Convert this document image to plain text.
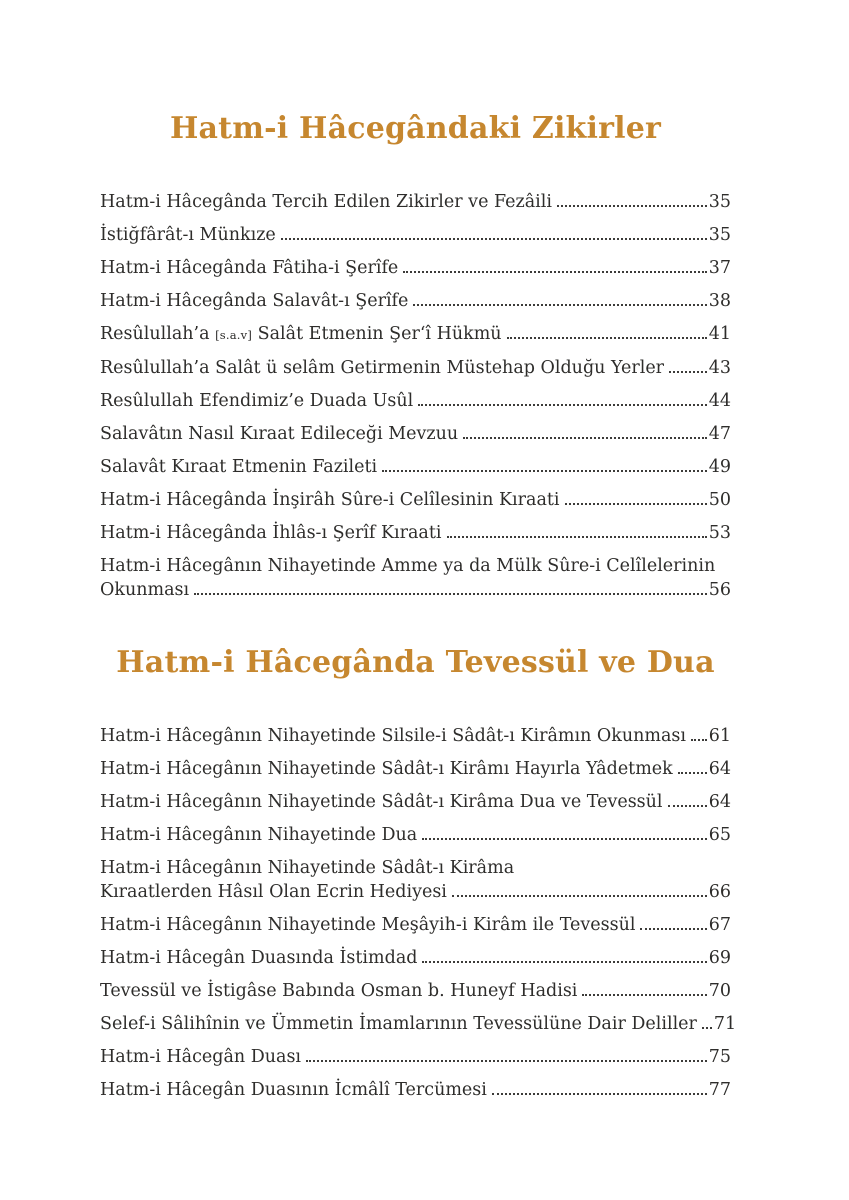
Hatm-i Hâcegândaki Zikirler
Hatm-i Hâcegânda Tercih Edilen Zikirler ve Fezâili	35
İstiğfârât-ı Münkıze	35
Hatm-i Hâcegânda Fâtiha-i Şerîfe	37
Hatm-i Hâcegânda Salavât-ı Şerîfe	38
Resûlullah’a [s.a.v] Salât Etmenin Şer‘î Hükmü	41
Resûlullah’a Salât ü selâm Getirmenin Müstehap Olduğu Yerler	43
Resûlullah Efendimiz’e Duada Usûl	44
Salavâtın Nasıl Kıraat Edileceği Mevzuu	47
Salavât Kıraat Etmenin Fazileti	49
Hatm-i Hâcegânda İnşirâh Sûre-i Celîlesinin Kıraati	50
Hatm-i Hâcegânda İhlâs-ı Şerîf Kıraati	53
Hatm-i Hâcegânın Nihayetinde Amme ya da Mülk Sûre-i Celîlelerinin
Okunması	56
Hatm-i Hâcegânda Tevessül ve Dua
Hatm-i Hâcegânın Nihayetinde Silsile-i Sâdât-ı Kirâmın Okunması 61
Hatm-i Hâcegânın Nihayetinde Sâdât-ı Kirâmı Hayırla Yâdetmek 64
Hatm-i Hâcegânın Nihayetinde Sâdât-ı Kirâma Dua ve Tevessül	64
Hatm-i Hâcegânın Nihayetinde Dua	65
Hatm-i Hâcegânın Nihayetinde Sâdât-ı Kirâma
Kıraatlerden Hâsıl Olan Ecrin Hediyesi	66
Hatm-i Hâcegânın Nihayetinde Meşâyih-i Kirâm ile Tevessül	67
Hatm-i Hâcegân Duasında İstimdad	69
Tevessül ve İstigâse Babında Osman b. Huneyf Hadisi	70
Selef-i Sâlihînin ve Ümmetin İmamlarının Tevessülüne Dair Deliller 71
Hatm-i Hâcegân Duası	75
Hatm-i Hâcegân Duasının İcmâlî Tercümesi	77
